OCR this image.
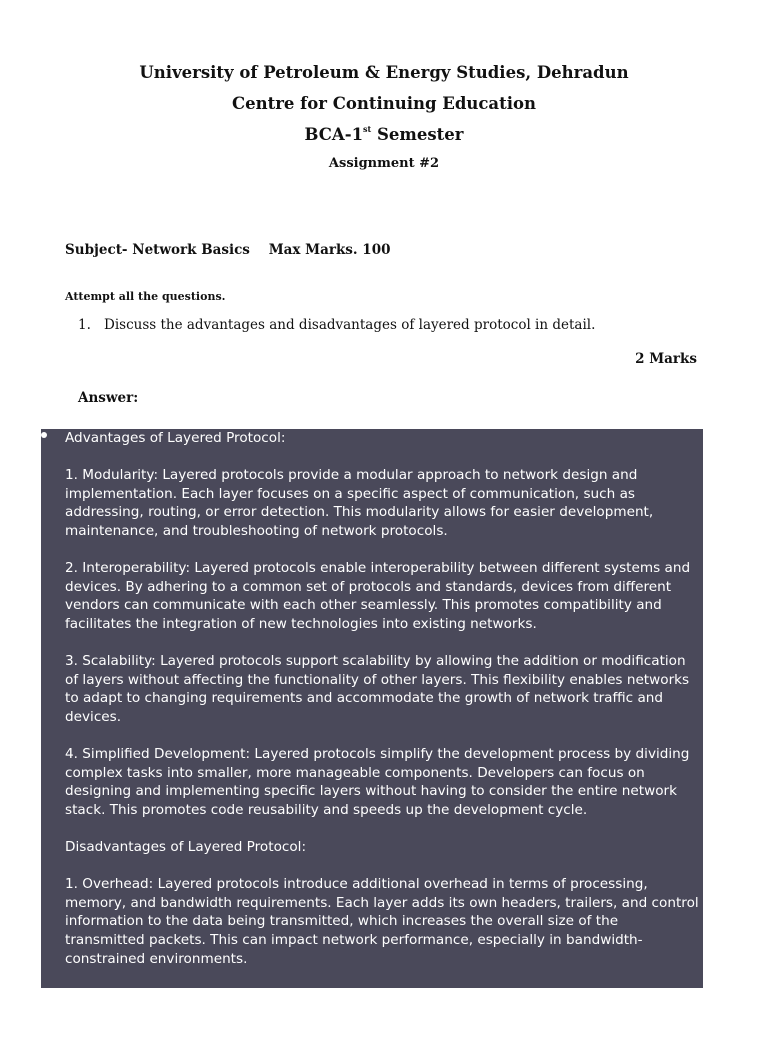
University of Petroleum & Energy Studies, Dehradun
Centre for Continuing Education
BCA-1st Semester
Assignment #2
Subject- Network Basics    Max Marks. 100
Attempt all the questions.
1. Discuss the advantages and disadvantages of layered protocol in detail.
2 Marks
Answer:

Advantages of Layered Protocol:

1. Modularity: Layered protocols provide a modular approach to network design and implementation. Each layer focuses on a specific aspect of communication, such as addressing, routing, or error detection. This modularity allows for easier development, maintenance, and troubleshooting of network protocols.

2. Interoperability: Layered protocols enable interoperability between different systems and devices. By adhering to a common set of protocols and standards, devices from different vendors can communicate with each other seamlessly. This promotes compatibility and facilitates the integration of new technologies into existing networks.

3. Scalability: Layered protocols support scalability by allowing the addition or modification of layers without affecting the functionality of other layers. This flexibility enables networks to adapt to changing requirements and accommodate the growth of network traffic and devices.

4. Simplified Development: Layered protocols simplify the development process by dividing complex tasks into smaller, more manageable components. Developers can focus on designing and implementing specific layers without having to consider the entire network stack. This promotes code reusability and speeds up the development cycle.

Disadvantages of Layered Protocol:

1. Overhead: Layered protocols introduce additional overhead in terms of processing, memory, and bandwidth requirements. Each layer adds its own headers, trailers, and control information to the data being transmitted, which increases the overall size of the transmitted packets. This can impact network performance, especially in bandwidth-constrained environments.

2. Complexity: Layered protocols can become complex, especially in large networks with multiple layers. Understanding and managing the interactions between different layers can be challenging,
